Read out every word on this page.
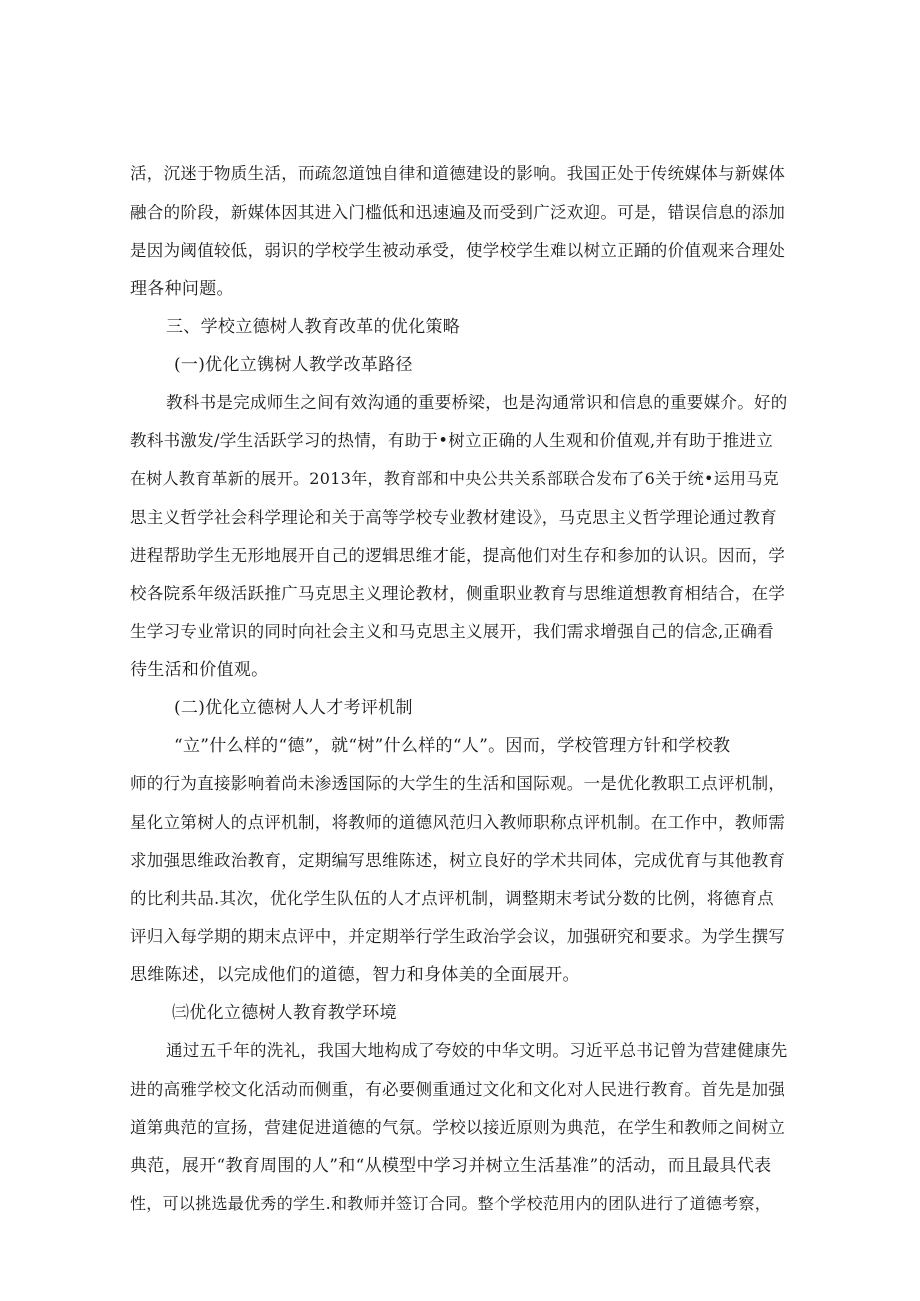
活，沉迷于物质生活，而疏忽道蚀自律和道德建设的影响。我国正处于传统媒体与新媒体
融合的阶段，新媒体因其进入门槛低和迅速遍及而受到广泛欢迎。可是，错误信息的添加
是因为阈值较低，弱识的学校学生被动承受，使学校学生难以树立正踊的价值观来合理处
理各种问题。
三、学校立德树人教育改革的优化策略
(一)优化立镌树人教学改革路径
教科书是完成师生之间有效沟通的重要桥梁，也是沟通常识和信息的重要媒介。好的
教科书激发/学生活跃学习的热情，有助于•树立正确的人生观和价值观,并有助于推进立
在树人教育革新的展开。2013年，教育部和中央公共关系部联合发布了6关于统•运用马克
思主义哲学社会科学理论和关于高等学校专业教材建设》，马克思主义哲学理论通过教育
进程帮助学生无形地展开自己的逻辑思维才能，提高他们对生存和参加的认识。因而，学
校各院系年级活跃推广马克思主义理论教材，侧重职业教育与思维道想教育相结合，在学
生学习专业常识的同时向社会主义和马克思主义展开，我们需求增强自己的信念,正确看
待生活和价值观。
(二)优化立德树人人才考评机制
“立”什么样的“德”，就“树”什么样的“人”。因而，学校管理方针和学校教
师的行为直接影响着尚未渗透国际的大学生的生活和国际观。一是优化教职工点评机制，
星化立第树人的点评机制，将教师的道德风范归入教师职称点评机制。在工作中，教师需
求加强思维政治教育，定期编写思维陈述，树立良好的学术共同体，完成优育与其他教育
的比利共品.其次，优化学生队伍的人才点评机制，调整期末考试分数的比例，将德育点
评归入每学期的期末点评中，并定期举行学生政治学会议，加强研究和要求。为学生撰写
思维陈述，以完成他们的道德，智力和身体美的全面展开。
㈢优化立德树人教育教学环境
通过五千年的洗礼，我国大地构成了夸姣的中华文明。习近平总书记曾为营建健康先
进的高雅学校文化活动而侧重，有必要侧重通过文化和文化对人民进行教育。首先是加强
道第典范的宣扬，营建促进道德的气氛。学校以接近原则为典范，在学生和教师之间树立
典范，展开“教育周围的人”和“从模型中学习并树立生活基准”的活动，而且最具代表
性，可以挑选最优秀的学生.和教师并签订合同。整个学校范用内的团队进行了道德考察，
